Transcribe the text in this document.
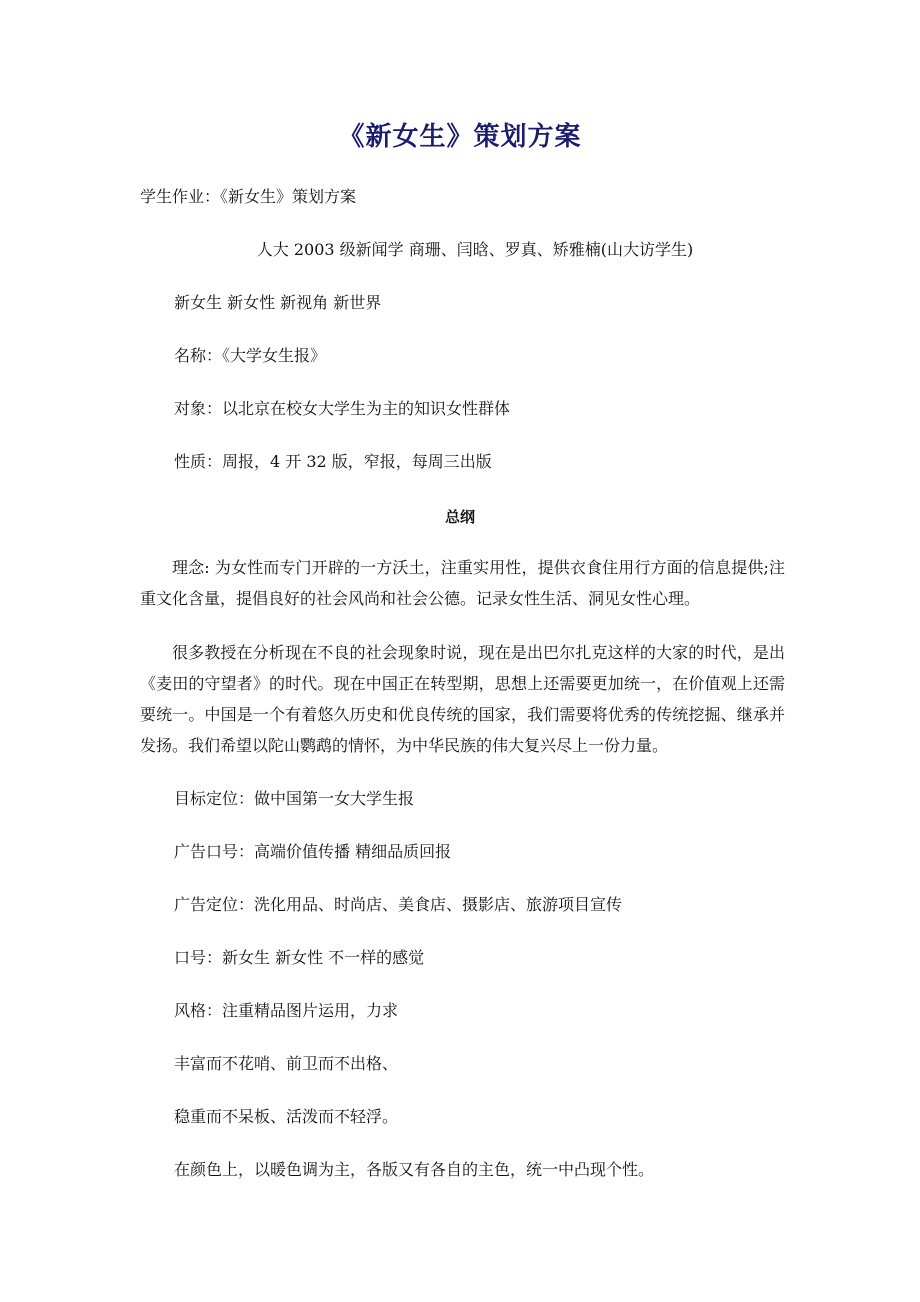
《新女生》策划方案
学生作业：《新女生》策划方案
人大 2003 级新闻学 商珊、闫晗、罗真、矫雅楠(山大访学生)
新女生 新女性 新视角 新世界
名称：《大学女生报》
对象：以北京在校女大学生为主的知识女性群体
性质：周报，4 开 32 版，窄报，每周三出版
总纲
理念: 为女性而专门开辟的一方沃土，注重实用性，提供衣食住用行方面的信息提供;注重文化含量，提倡良好的社会风尚和社会公德。记录女性生活、洞见女性心理。
很多教授在分析现在不良的社会现象时说，现在是出巴尔扎克这样的大家的时代，是出《麦田的守望者》的时代。现在中国正在转型期，思想上还需要更加统一，在价值观上还需要统一。中国是一个有着悠久历史和优良传统的国家，我们需要将优秀的传统挖掘、继承并发扬。我们希望以陀山鹦鹉的情怀，为中华民族的伟大复兴尽上一份力量。
目标定位：做中国第一女大学生报
广告口号：高端价值传播 精细品质回报
广告定位：洗化用品、时尚店、美食店、摄影店、旅游项目宣传
口号：新女生 新女性 不一样的感觉
风格：注重精品图片运用，力求
丰富而不花哨、前卫而不出格、
稳重而不呆板、活泼而不轻浮。
在颜色上，以暖色调为主，各版又有各自的主色，统一中凸现个性。
